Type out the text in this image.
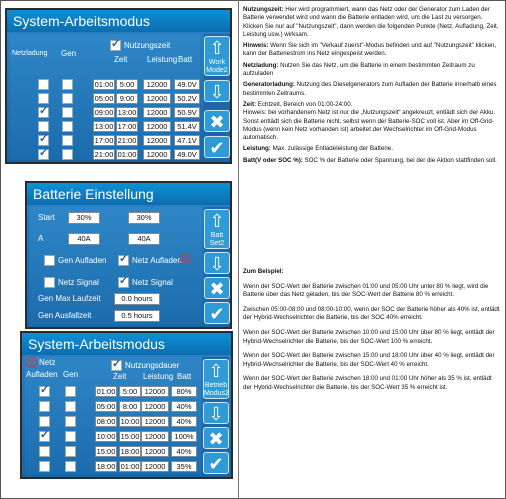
System-Arbeitsmodus
Netzladung Gen
✓ Nutzungszeit
Zeit Leistung Batt
01:00 5:00	12000	49.0V
05:00 9:00	12000	50.2V
✓	09:00 13:00	12000	50.9V
13:00 17:00	12000	51.4V
✓	17:00 21:00	12000	47.1V
✓	21:00 01:00	12000	49.0V
⇧
Work
Mode2
⇩
✖
✔
Batterie Einstellung
Start	30%	30%
A	40A	40A
Gen Aufladen ✓ Netz Aufladen 1
Netz Signal ✓ Netz Signal
Gen Max Laufzeit	0.0 hours
Gen Ausfallzeit	0.5 hours
⇧
Batt
Set2
⇩
✖
✔
System-Arbeitsmodus
2 Netz
Aufladen Gen
✓ Nutzungsdauer
Zeit Leistung Batt
✓	01:00 5:00 12000	80%
05:00 8:00 12000	40%
08:00 10:00 12000	40%
✓	10:00 15:00 12000	100%
15:00 18:00 12000	40%
18:00 01:00 12000	35%
⇧
Betrieb
Modus2
⇩
✖
✔

Nutzungszeit: Hier wird programmiert, wann das Netz oder der Generator zum Laden der Batterie verwendet wird und wann die Batterie entladen wird, um die Last zu versorgen. Klicken Sie nur auf "Nutzungszeit", dann werden die folgenden Punkte (Netz, Aufladung, Zeit, Leistung usw.) wirksam.

Hinweis: Wenn Sie sich im "Verkauf zuerst"-Modus befinden und auf "Nutzungszeit" klicken, kann der Batteriestrom ins Netz eingespeist werden.

Netzladung: Nutzen Sie das Netz, um die Batterie in einem bestimmten Zeitraum zu aufzuladen

Generatorladung: Nutzung des Dieselgenerators zum Aufladen der Batterie innerhalb eines bestimmten Zeitraums.

Zeit: Echtzeit, Bereich von 01:00-24:00.

Hinweis: bei vorhandenem Netz ist nur die „Nutzungszeit“ angekreuzt, entlädt sich der Akku. Sonst entlädt sich die Batterie nicht, selbst wenn der Batterie-SOC voll ist. Aber im Off-Grid-Modus (wenn kein Netz vorhanden ist) arbeitet der Wechselrichter im Off-Grid-Modus automatisch.

Leistung: Max. zulässige Entladeleistung der Batterie.

Batt(V oder SOC %): SOC % der Batterie oder Spannung, bei der die Aktion stattfinden soll.

Zum Beispiel:

Wenn der SOC-Wert der Batterie zwischen 01:00 und 05:00 Uhr unter 80 % liegt, wird die Batterie über das Netz geladen, bis der SOC-Wert der Batterie 80 % erreicht.

Zwischen 05:00-08:00 und 08:00-10:00, wenn der SOC der Batterie höher als 40% ist, entlädt der Hybrid-Wechselrichter die Batterie, bis der SOC 40% erreicht.

Wenn der SOC-Wert der Batterie zwischen 10:00 und 15:00 Uhr über 80 % liegt, entlädt der Hybrid-Wechselrichter die Batterie, bis der SOC-Wert 100 % erreicht.

Wenn der SOC-Wert der Batterie zwischen 15:00 und 18:00 Uhr über 40 % liegt, entlädt der Hybrid-Wechselrichter die Batterie, bis der SOC-Wert 40 % erreicht.

Wenn der SOC-Wert der Batterie zwischen 18:00 und 01:00 Uhr höher als 35 % ist, entlädt der Hybrid-Wechselrichter die Batterie, bis der SOC-Wert 35 % erreicht ist.
